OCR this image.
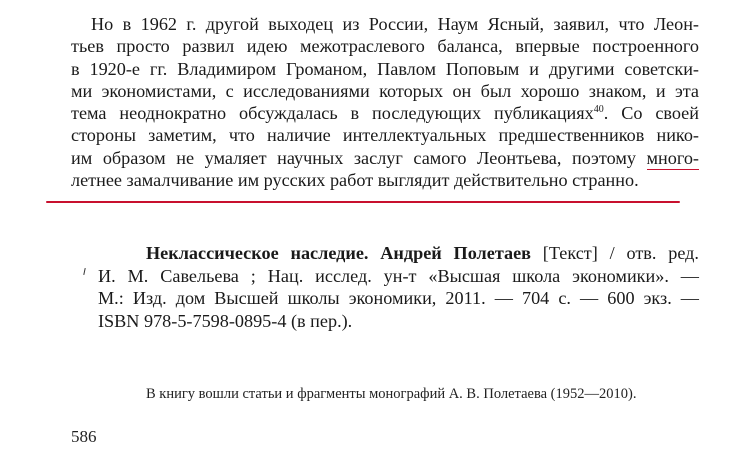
Но в 1962 г. другой выходец из России, Наум Ясный, заявил, что Леон-
тьев просто развил идею межотраслевого баланса, впервые построенного
в 1920-е гг. Владимиром Громаном, Павлом Поповым и другими советски-
ми экономистами, с исследованиями которых он был хорошо знаком, и эта
тема неоднократно обсуждалась в последующих публикациях$^{40}$. Со своей
стороны заметим, что наличие интеллектуальных предшественников нико-
им образом не умаляет научных заслуг самого Леонтьева, поэтому много-
летнее замалчивание им русских работ выглядит действительно странно.
Неклассическое наследие. Андрей Полетаев [Текст] / отв. ред.
И. М. Савельева ; Нац. исслед. ун-т «Высшая школа экономики». —
М.: Изд. дом Высшей школы экономики, 2011. — 704 с. — 600 экз. —
ISBN 978-5-7598-0895-4 (в пер.).
В книгу вошли статьи и фрагменты монографий А. В. Полетаева (1952—2010).
586
